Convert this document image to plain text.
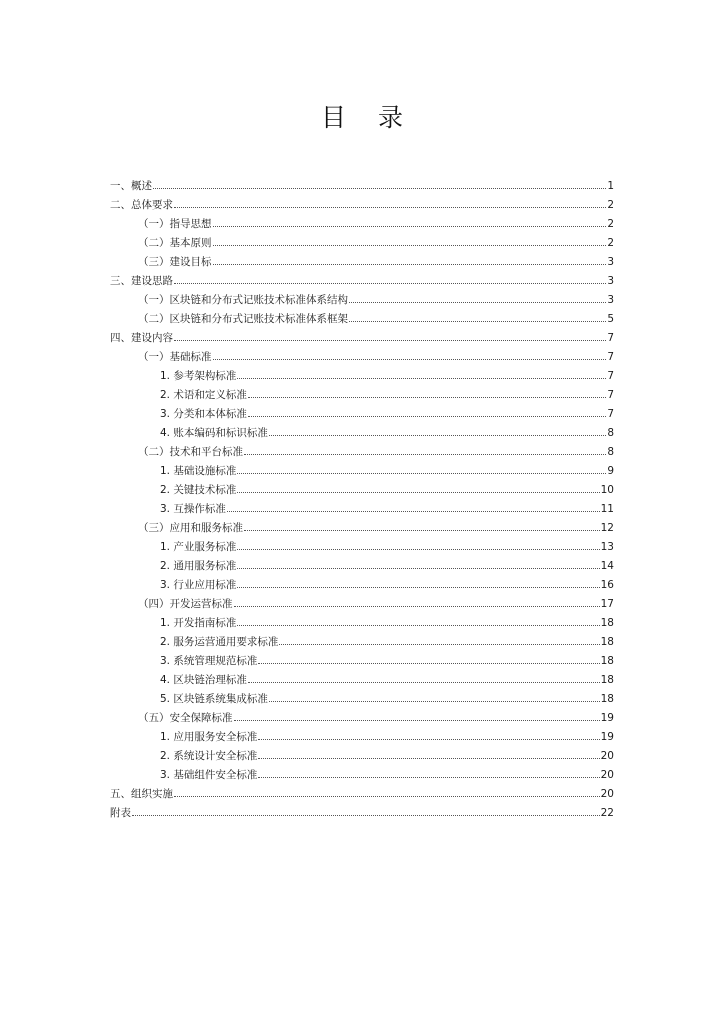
目 录
一、概述	1
二、总体要求	2
（一）指导思想	2
（二）基本原则	2
（三）建设目标	3
三、建设思路	3
（一）区块链和分布式记账技术标准体系结构	3
（二）区块链和分布式记账技术标准体系框架	5
四、建设内容	7
（一）基础标准	7
1. 参考架构标准	7
2. 术语和定义标准	7
3. 分类和本体标准	7
4. 账本编码和标识标准	8
（二）技术和平台标准	8
1. 基础设施标准	9
2. 关键技术标准	10
3. 互操作标准	11
（三）应用和服务标准	12
1. 产业服务标准	13
2. 通用服务标准	14
3. 行业应用标准	16
（四）开发运营标准	17
1. 开发指南标准	18
2. 服务运营通用要求标准	18
3. 系统管理规范标准	18
4. 区块链治理标准	18
5. 区块链系统集成标准	18
（五）安全保障标准	19
1. 应用服务安全标准	19
2. 系统设计安全标准	20
3. 基础组件安全标准	20
五、组织实施	20
附表	22
